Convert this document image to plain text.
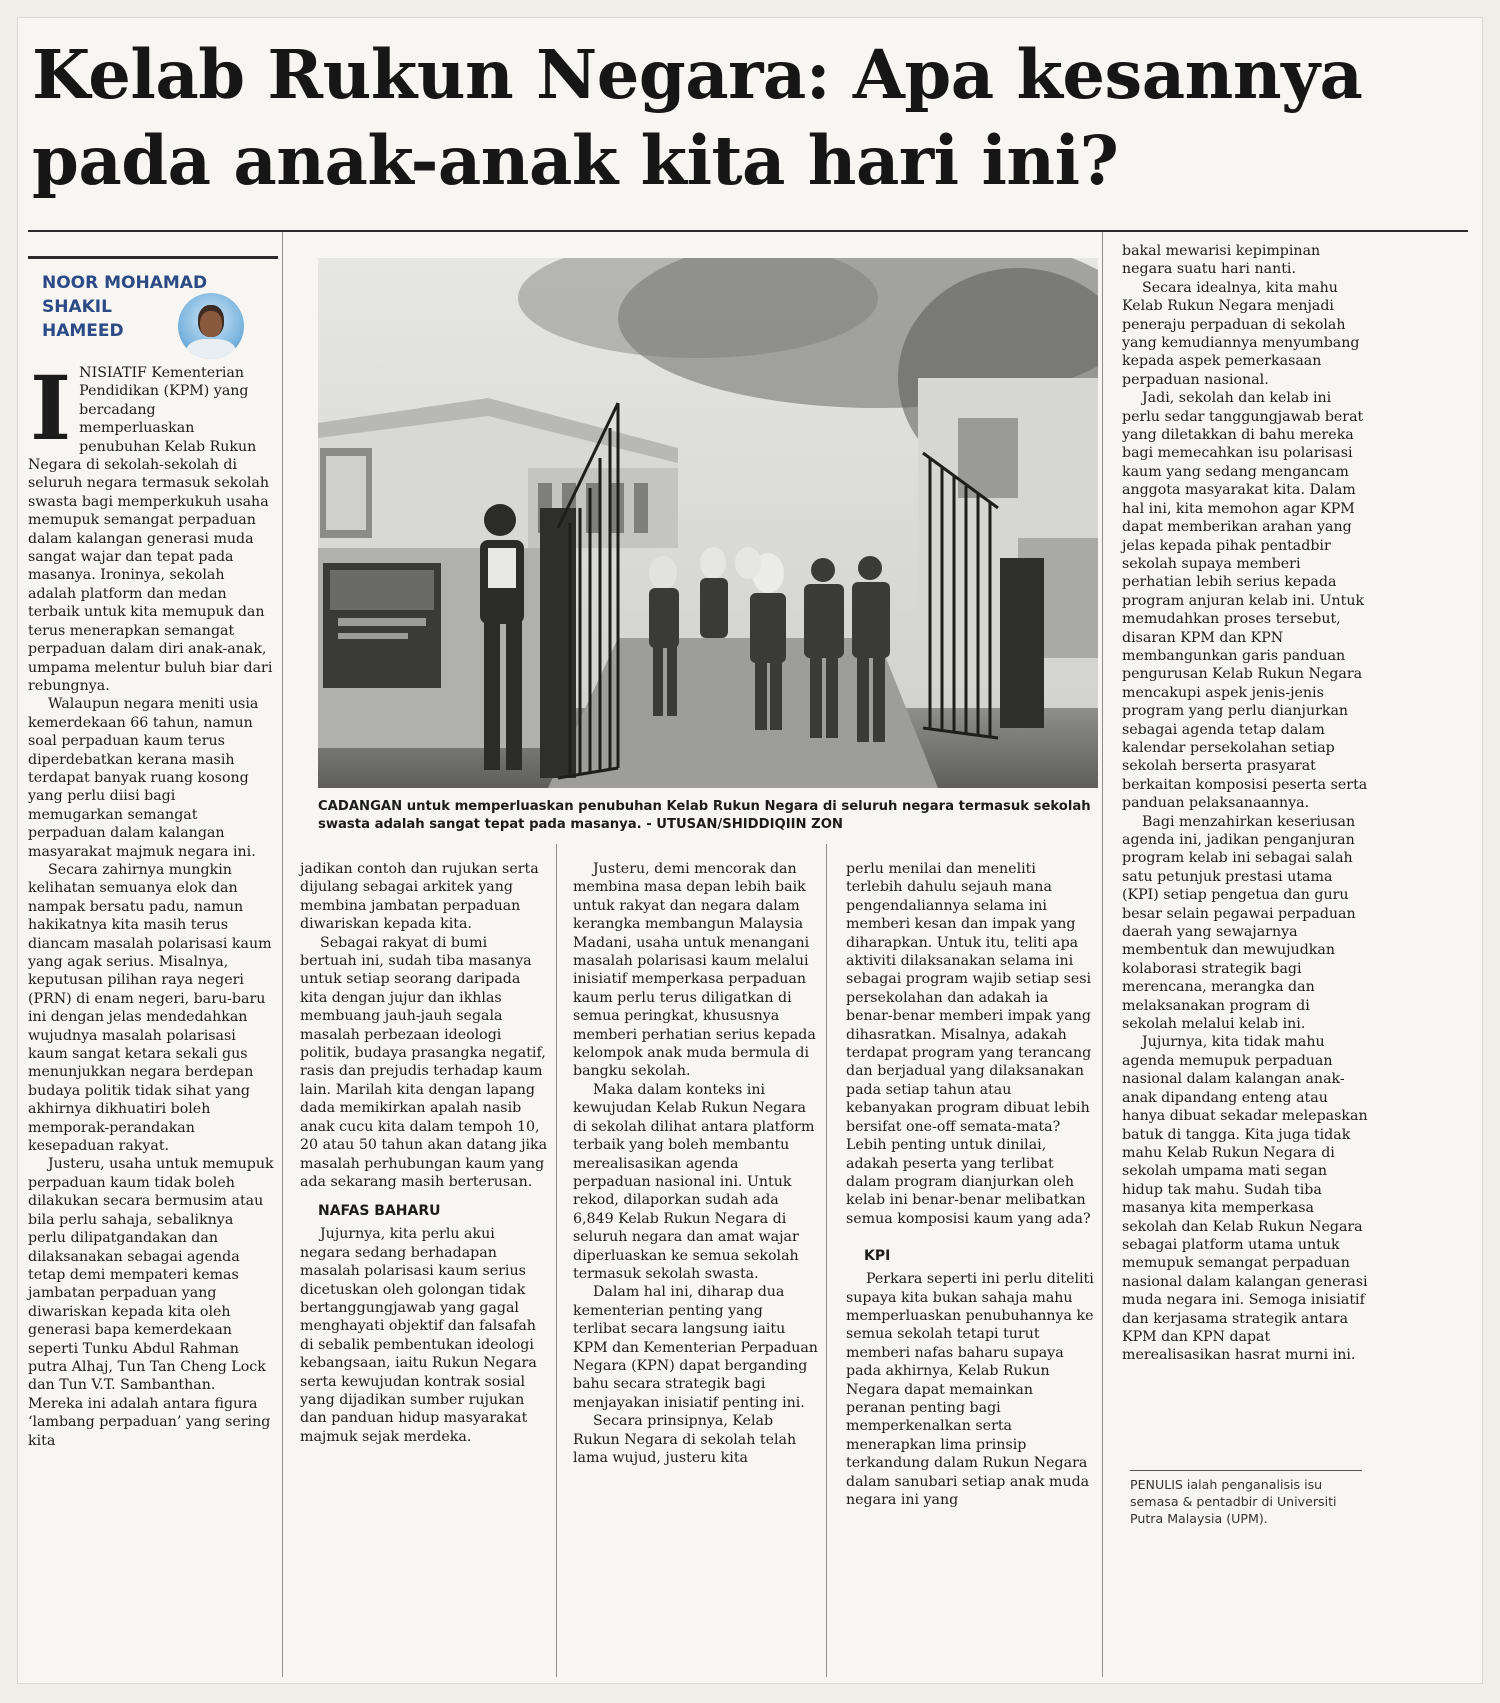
Kelab Rukun Negara: Apa kesannya pada anak-anak kita hari ini?
NOOR MOHAMAD
SHAKIL
HAMEED
I NISIATIF Kementerian Pendidikan (KPM) yang bercadang memperluaskan penubuhan Kelab Rukun Negara di sekolah-sekolah di seluruh negara termasuk sekolah swasta bagi memperkukuh usaha memupuk semangat perpaduan dalam kalangan generasi muda sangat wajar dan tepat pada masanya. Ironinya, sekolah adalah platform dan medan terbaik untuk kita memupuk dan terus menerapkan semangat perpaduan dalam diri anak-anak, umpama melentur buluh biar dari rebungnya.

Walaupun negara meniti usia kemerdekaan 66 tahun, namun soal perpaduan kaum terus diperdebatkan kerana masih terdapat banyak ruang kosong yang perlu diisi bagi memugarkan semangat perpaduan dalam kalangan masyarakat majmuk negara ini.

Secara zahirnya mungkin kelihatan semuanya elok dan nampak bersatu padu, namun hakikatnya kita masih terus diancam masalah polarisasi kaum yang agak serius. Misalnya, keputusan pilihan raya negeri (PRN) di enam negeri, baru-baru ini dengan jelas mendedahkan wujudnya masalah polarisasi kaum sangat ketara sekali gus menunjukkan negara berdepan budaya politik tidak sihat yang akhirnya dikhuatiri boleh memporak-perandakan kesepaduan rakyat.

Justeru, usaha untuk memupuk perpaduan kaum tidak boleh dilakukan secara bermusim atau bila perlu sahaja, sebaliknya perlu dilipatgandakan dan dilaksanakan sebagai agenda tetap demi mempateri kemas jambatan perpaduan yang diwariskan kepada kita oleh generasi bapa kemerdekaan seperti Tunku Abdul Rahman putra Alhaj, Tun Tan Cheng Lock dan Tun V.T. Sambanthan. Mereka ini adalah antara figura ‘lambang perpaduan’ yang sering kita

CADANGAN untuk memperluaskan penubuhan Kelab Rukun Negara di seluruh negara termasuk sekolah swasta adalah sangat tepat pada masanya. - UTUSAN/SHIDDIQIIN ZON

jadikan contoh dan rujukan serta dijulang sebagai arkitek yang membina jambatan perpaduan diwariskan kepada kita.

Sebagai rakyat di bumi bertuah ini, sudah tiba masanya untuk setiap seorang daripada kita dengan jujur dan ikhlas membuang jauh-jauh segala masalah perbezaan ideologi politik, budaya prasangka negatif, rasis dan prejudis terhadap kaum lain. Marilah kita dengan lapang dada memikirkan apalah nasib anak cucu kita dalam tempoh 10, 20 atau 50 tahun akan datang jika masalah perhubungan kaum yang ada sekarang masih berterusan.

NAFAS BAHARU

Jujurnya, kita perlu akui negara sedang berhadapan masalah polarisasi kaum serius dicetuskan oleh golongan tidak bertanggungjawab yang gagal menghayati objektif dan falsafah di sebalik pembentukan ideologi kebangsaan, iaitu Rukun Negara serta kewujudan kontrak sosial yang dijadikan sumber rujukan dan panduan hidup masyarakat majmuk sejak merdeka.

Justeru, demi mencorak dan membina masa depan lebih baik untuk rakyat dan negara dalam kerangka membangun Malaysia Madani, usaha untuk menangani masalah polarisasi kaum melalui inisiatif memperkasa perpaduan kaum perlu terus diligatkan di semua peringkat, khususnya memberi perhatian serius kepada kelompok anak muda bermula di bangku sekolah.

Maka dalam konteks ini kewujudan Kelab Rukun Negara di sekolah dilihat antara platform terbaik yang boleh membantu merealisasikan agenda perpaduan nasional ini. Untuk rekod, dilaporkan sudah ada 6,849 Kelab Rukun Negara di seluruh negara dan amat wajar diperluaskan ke semua sekolah termasuk sekolah swasta.

Dalam hal ini, diharap dua kementerian penting yang terlibat secara langsung iaitu KPM dan Kementerian Perpaduan Negara (KPN) dapat berganding bahu secara strategik bagi menjayakan inisiatif penting ini.

Secara prinsipnya, Kelab Rukun Negara di sekolah telah lama wujud, justeru kita

perlu menilai dan meneliti terlebih dahulu sejauh mana pengendaliannya selama ini memberi kesan dan impak yang diharapkan. Untuk itu, teliti apa aktiviti dilaksanakan selama ini sebagai program wajib setiap sesi persekolahan dan adakah ia benar-benar memberi impak yang dihasratkan. Misalnya, adakah terdapat program yang terancang dan berjadual yang dilaksanakan pada setiap tahun atau kebanyakan program dibuat lebih bersifat one-off semata-mata? Lebih penting untuk dinilai, adakah peserta yang terlibat dalam program dianjurkan oleh kelab ini benar-benar melibatkan semua komposisi kaum yang ada?

KPI

Perkara seperti ini perlu diteliti supaya kita bukan sahaja mahu memperluaskan penubuhannya ke semua sekolah tetapi turut memberi nafas baharu supaya pada akhirnya, Kelab Rukun Negara dapat memainkan peranan penting bagi memperkenalkan serta menerapkan lima prinsip terkandung dalam Rukun Negara dalam sanubari setiap anak muda negara ini yang

bakal mewarisi kepimpinan negara suatu hari nanti.

Secara idealnya, kita mahu Kelab Rukun Negara menjadi peneraju perpaduan di sekolah yang kemudiannya menyumbang kepada aspek pemerkasaan perpaduan nasional.

Jadi, sekolah dan kelab ini perlu sedar tanggungjawab berat yang diletakkan di bahu mereka bagi memecahkan isu polarisasi kaum yang sedang mengancam anggota masyarakat kita. Dalam hal ini, kita memohon agar KPM dapat memberikan arahan yang jelas kepada pihak pentadbir sekolah supaya memberi perhatian lebih serius kepada program anjuran kelab ini. Untuk memudahkan proses tersebut, disaran KPM dan KPN membangunkan garis panduan pengurusan Kelab Rukun Negara mencakupi aspek jenis-jenis program yang perlu dianjurkan sebagai agenda tetap dalam kalendar persekolahan setiap sekolah berserta prasyarat berkaitan komposisi peserta serta panduan pelaksanaannya.

Bagi menzahirkan keseriusan agenda ini, jadikan penganjuran program kelab ini sebagai salah satu petunjuk prestasi utama (KPI) setiap pengetua dan guru besar selain pegawai perpaduan daerah yang sewajarnya membentuk dan mewujudkan kolaborasi strategik bagi merencana, merangka dan melaksanakan program di sekolah melalui kelab ini.

Jujurnya, kita tidak mahu agenda memupuk perpaduan nasional dalam kalangan anak-anak dipandang enteng atau hanya dibuat sekadar melepaskan batuk di tangga. Kita juga tidak mahu Kelab Rukun Negara di sekolah umpama mati segan hidup tak mahu. Sudah tiba masanya kita memperkasa sekolah dan Kelab Rukun Negara sebagai platform utama untuk memupuk semangat perpaduan nasional dalam kalangan generasi muda negara ini. Semoga inisiatif dan kerjasama strategik antara KPM dan KPN dapat merealisasikan hasrat murni ini.

PENULIS ialah penganalisis isu semasa & pentadbir di Universiti Putra Malaysia (UPM).
